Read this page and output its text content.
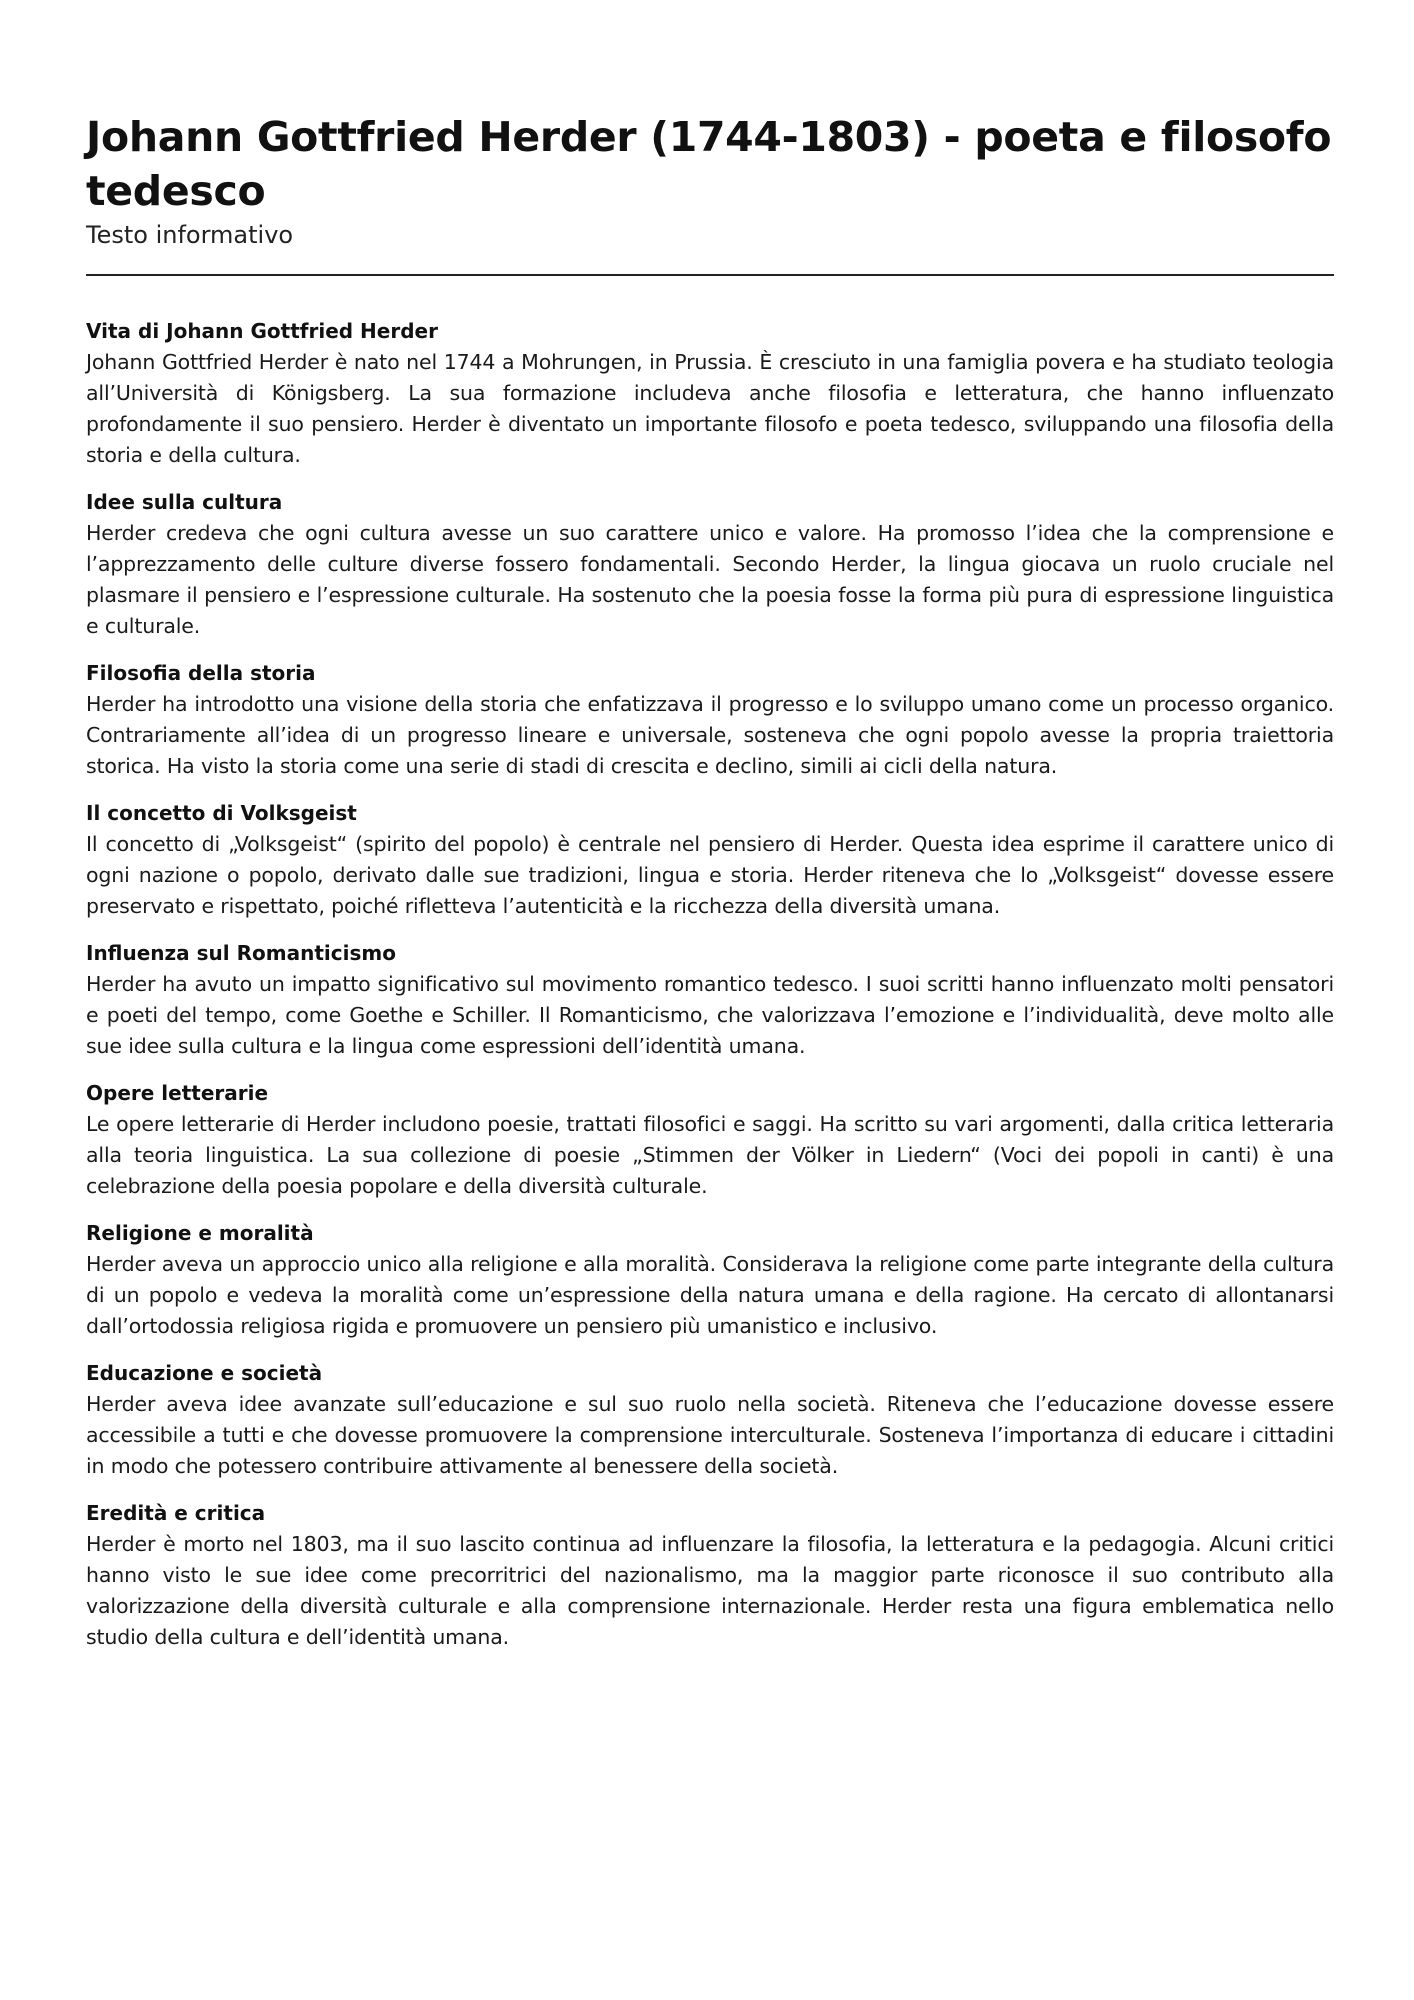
Johann Gottfried Herder (1744-1803) - poeta e filosofo tedesco

Testo informativo

Vita di Johann Gottfried Herder

Johann Gottfried Herder è nato nel 1744 a Mohrungen, in Prussia. È cresciuto in una famiglia povera e ha studiato teologia all’Università di Königsberg. La sua formazione includeva anche filosofia e letteratura, che hanno influenzato profondamente il suo pensiero. Herder è diventato un importante filosofo e poeta tedesco, sviluppando una filosofia della storia e della cultura.

Idee sulla cultura

Herder credeva che ogni cultura avesse un suo carattere unico e valore. Ha promosso l’idea che la comprensione e l’apprezzamento delle culture diverse fossero fondamentali. Secondo Herder, la lingua giocava un ruolo cruciale nel plasmare il pensiero e l’espressione culturale. Ha sostenuto che la poesia fosse la forma più pura di espressione linguistica e culturale.

Filosofia della storia

Herder ha introdotto una visione della storia che enfatizzava il progresso e lo sviluppo umano come un processo organico. Contrariamente all’idea di un progresso lineare e universale, sosteneva che ogni popolo avesse la propria traiettoria storica. Ha visto la storia come una serie di stadi di crescita e declino, simili ai cicli della natura.

Il concetto di Volksgeist

Il concetto di „Volksgeist“ (spirito del popolo) è centrale nel pensiero di Herder. Questa idea esprime il carattere unico di ogni nazione o popolo, derivato dalle sue tradizioni, lingua e storia. Herder riteneva che lo „Volksgeist“ dovesse essere preservato e rispettato, poiché rifletteva l’autenticità e la ricchezza della diversità umana.

Influenza sul Romanticismo

Herder ha avuto un impatto significativo sul movimento romantico tedesco. I suoi scritti hanno influenzato molti pensatori e poeti del tempo, come Goethe e Schiller. Il Romanticismo, che valorizzava l’emozione e l’individualità, deve molto alle sue idee sulla cultura e la lingua come espressioni dell’identità umana.

Opere letterarie

Le opere letterarie di Herder includono poesie, trattati filosofici e saggi. Ha scritto su vari argomenti, dalla critica letteraria alla teoria linguistica. La sua collezione di poesie „Stimmen der Völker in Liedern“ (Voci dei popoli in canti) è una celebrazione della poesia popolare e della diversità culturale.

Religione e moralità

Herder aveva un approccio unico alla religione e alla moralità. Considerava la religione come parte integrante della cultura di un popolo e vedeva la moralità come un’espressione della natura umana e della ragione. Ha cercato di allontanarsi dall’ortodossia religiosa rigida e promuovere un pensiero più umanistico e inclusivo.

Educazione e società

Herder aveva idee avanzate sull’educazione e sul suo ruolo nella società. Riteneva che l’educazione dovesse essere accessibile a tutti e che dovesse promuovere la comprensione interculturale. Sosteneva l’importanza di educare i cittadini in modo che potessero contribuire attivamente al benessere della società.

Eredità e critica

Herder è morto nel 1803, ma il suo lascito continua ad influenzare la filosofia, la letteratura e la pedagogia. Alcuni critici hanno visto le sue idee come precorritrici del nazionalismo, ma la maggior parte riconosce il suo contributo alla valorizzazione della diversità culturale e alla comprensione internazionale. Herder resta una figura emblematica nello studio della cultura e dell’identità umana.
